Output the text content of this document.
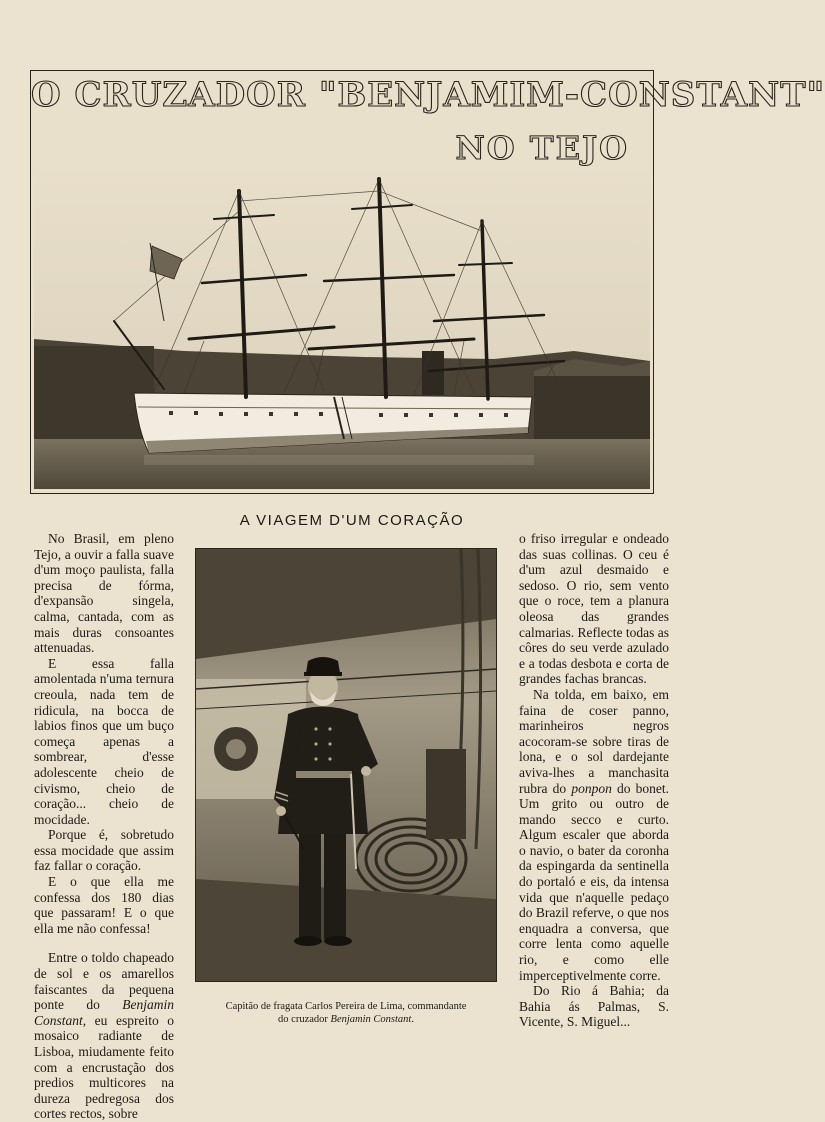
O CRUZADOR "BENJAMIM-CONSTANT"
NO TEJO
A VIAGEM D'UM CORAÇÃO

No Brasil, em pleno Tejo, a ouvir a falla suave d'um moço paulista, falla precisa de fórma, d'expansão singela, calma, cantada, com as mais duras consoantes attenuadas.

E essa falla amolentada n'uma ternura creoula, nada tem de ridicula, na bocca de labios finos que um buço começa apenas a sombrear, d'esse adolescente cheio de civismo, cheio de coração... cheio de mocidade.

Porque é, sobretudo essa mocidade que assim faz fallar o coração.

E o que ella me confessa dos 180 dias que passaram! E o que ella me não confessa!

Entre o toldo chapeado de sol e os amarellos faiscantes da pequena ponte do Benjamin Constant, eu espreito o mosaico radiante de Lisboa, miudamente feito com a encrustação dos predios multicores na dureza pedregosa dos cortes rectos, sobre

Capitão de fragata Carlos Pereira de Lima, commandante
do cruzador Benjamin Constant.

o friso irregular e ondeado das suas collinas. O ceu é d'um azul desmaido e sedoso. O rio, sem vento que o roce, tem a planura oleosa das grandes calmarias. Reflecte todas as côres do seu verde azulado e a todas desbota e corta de grandes fachas brancas.

Na tolda, em baixo, em faina de coser panno, marinheiros negros acocoram-se sobre tiras de lona, e o sol dardejante aviva-lhes a manchasita rubra do ponpon do bonet. Um grito ou outro de mando secco e curto. Algum escaler que aborda o navio, o bater da coronha da espingarda da sentinella do portaló e eis, da intensa vida que n'aquelle pedaço do Brazil referve, o que nos enquadra a conversa, que corre lenta como aquelle rio, e como elle imperceptivelmente corre.

Do Rio á Bahia; da Bahia ás Palmas, S. Vicente, S. Miguel...
